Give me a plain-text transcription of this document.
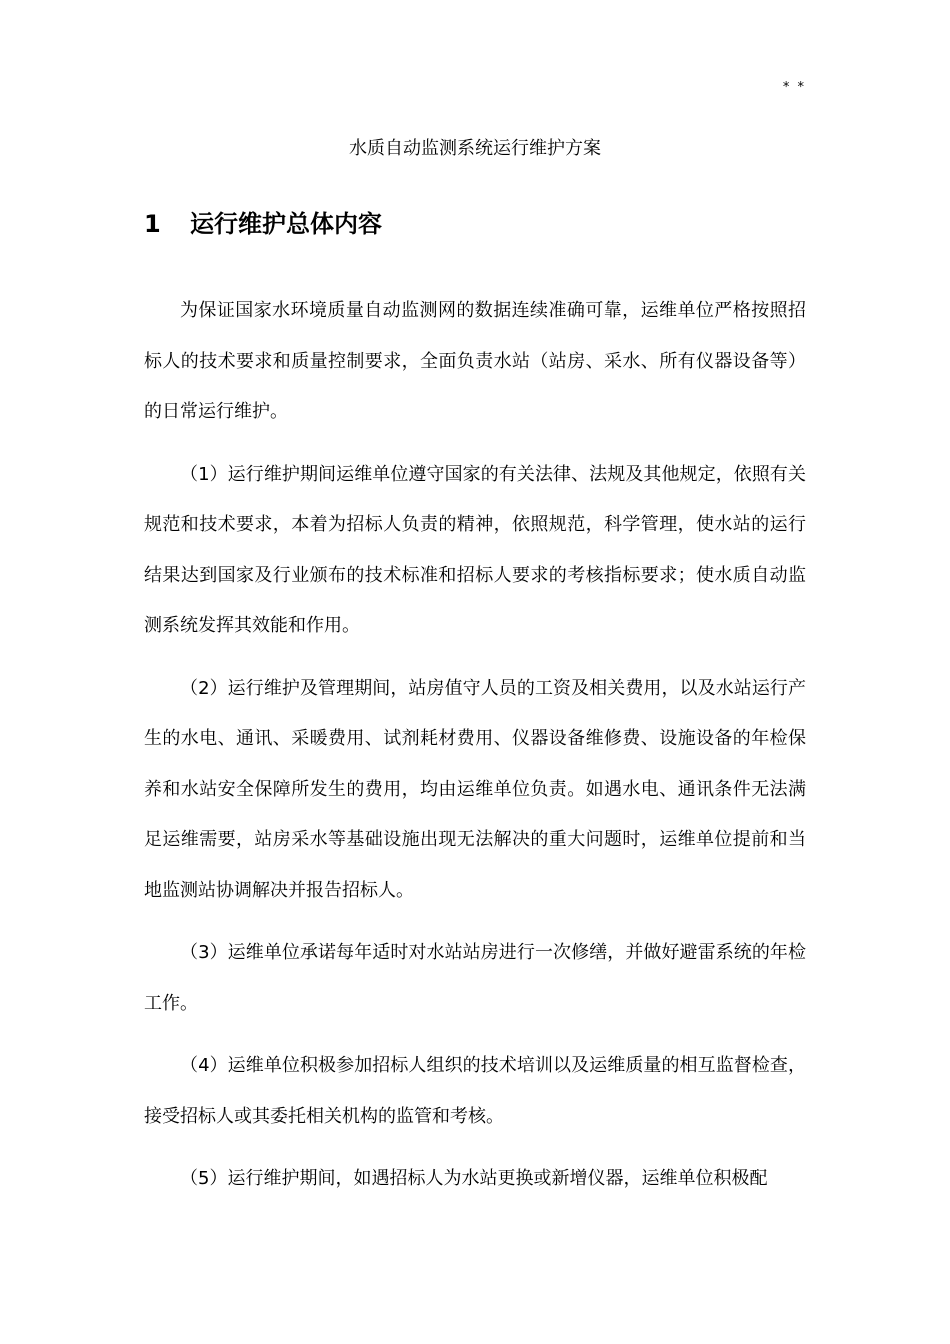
* *
水质自动监测系统运行维护方案
1	运行维护总体内容

为保证国家水环境质量自动监测网的数据连续准确可靠，运维单位严格按照招标人的技术要求和质量控制要求，全面负责水站（站房、采水、所有仪器设备等）的日常运行维护。

（1）运行维护期间运维单位遵守国家的有关法律、法规及其他规定，依照有关规范和技术要求，本着为招标人负责的精神，依照规范，科学管理，使水站的运行结果达到国家及行业颁布的技术标准和招标人要求的考核指标要求；使水质自动监测系统发挥其效能和作用。

（2）运行维护及管理期间，站房值守人员的工资及相关费用，以及水站运行产生的水电、通讯、采暖费用、试剂耗材费用、仪器设备维修费、设施设备的年检保养和水站安全保障所发生的费用，均由运维单位负责。如遇水电、通讯条件无法满足运维需要，站房采水等基础设施出现无法解决的重大问题时，运维单位提前和当地监测站协调解决并报告招标人。

（3）运维单位承诺每年适时对水站站房进行一次修缮，并做好避雷系统的年检工作。

（4）运维单位积极参加招标人组织的技术培训以及运维质量的相互监督检查，接受招标人或其委托相关机构的监管和考核。

（5）运行维护期间，如遇招标人为水站更换或新增仪器，运维单位积极配
